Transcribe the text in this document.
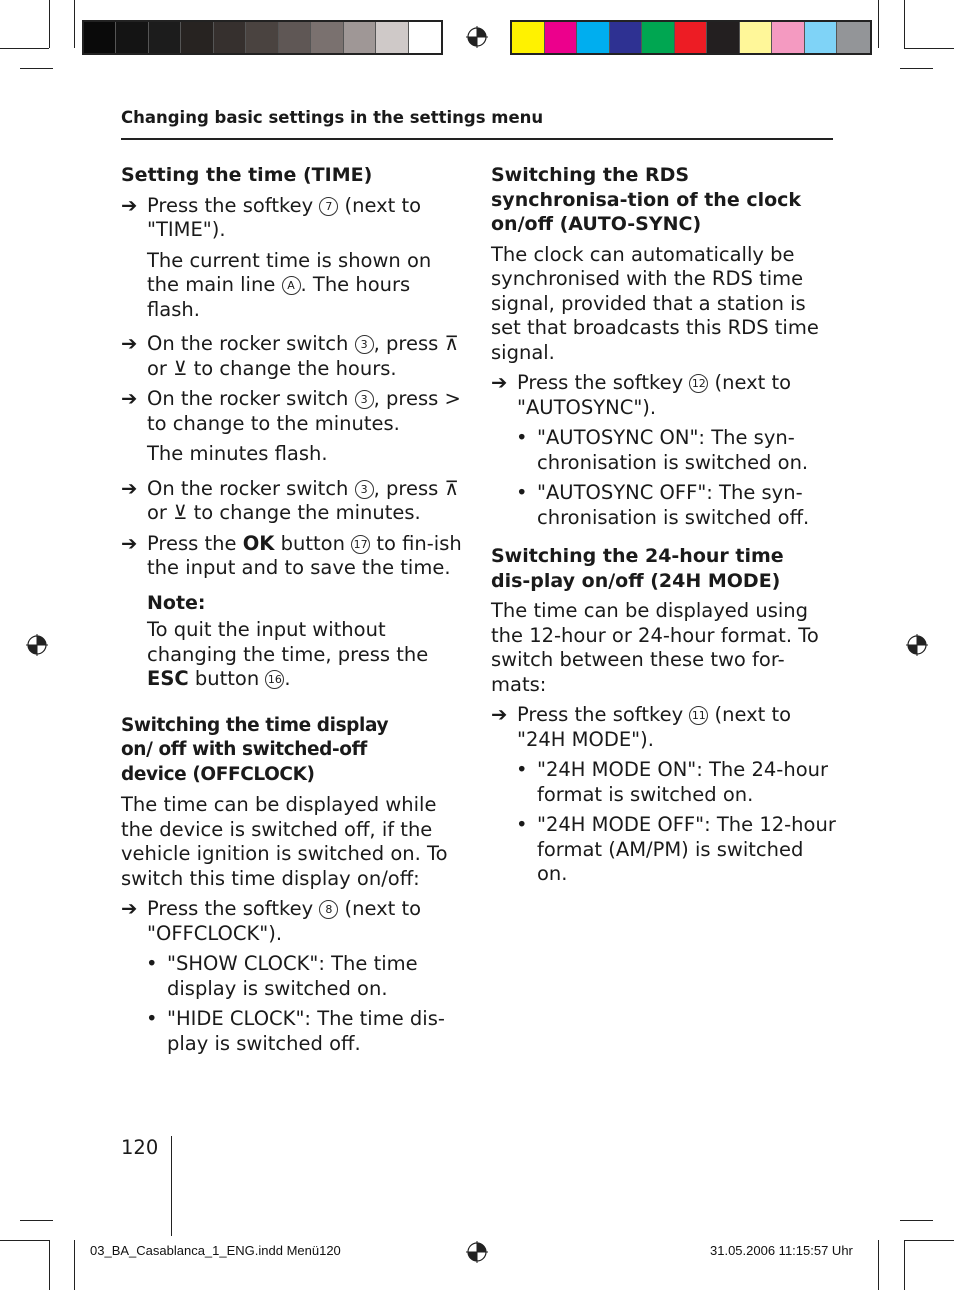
Changing basic settings in the settings menu

Setting the time (TIME)

➔ Press the softkey 7 (next to "TIME").

The current time is shown on the main line A . The hours flash.

➔ On the rocker switch 3 , press ⊼ or ⊻ to change the hours.

➔ On the rocker switch 3 , press > to change to the minutes.

The minutes flash.

➔ On the rocker switch 3 , press ⊼ or ⊻ to change the minutes.

➔ Press the OK button 17 to fin-ish the input and to save the time.

Note:

To quit the input without changing the time, press the ESC button 16 .

Switching the time display on/ off with switched-off device (OFFCLOCK)

The time can be displayed while the device is switched off, if the vehicle ignition is switched on. To switch this time display on/off:

➔ Press the softkey 8 (next to "OFFCLOCK").

• "SHOW CLOCK": The time display is switched on.

• "HIDE CLOCK": The time dis-play is switched off.

Switching the RDS synchronisa-tion of the clock on/off (AUTO-SYNC)

The clock can automatically be synchronised with the RDS time signal, provided that a station is set that broadcasts this RDS time signal.

➔ Press the softkey 12 (next to "AUTOSYNC").

• "AUTOSYNC ON": The syn-chronisation is switched on.

• "AUTOSYNC OFF": The syn-chronisation is switched off.

Switching the 24-hour time dis-play on/off (24H MODE)

The time can be displayed using the 12-hour or 24-hour format. To switch between these two for-mats:

➔ Press the softkey 11 (next to "24H MODE").

• "24H MODE ON": The 24-hour format is switched on.

• "24H MODE OFF": The 12-hour format (AM/PM) is switched on.

120
03_BA_Casablanca_1_ENG.indd Menü120	31.05.2006 11:15:57 Uhr
